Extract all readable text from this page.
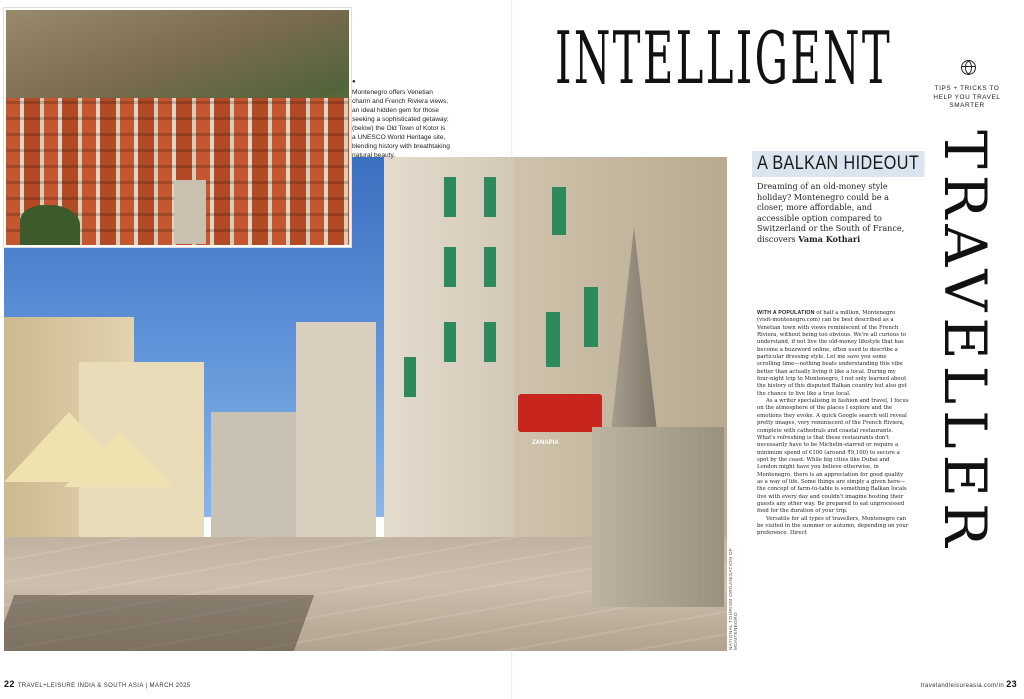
ZANAPIA
●
Montenegro offers Venetian charm and French Riviera views, an ideal hidden gem for those seeking a sophisticated getaway; (below) the Old Town of Kotor is a UNESCO World Heritage site, blending history with breathtaking natural beauty.
NATIONAL TOURISM ORGANISATION OF MONTENEGRO
INTELLIGENT	TIPS + TRICKS TO HELP YOU TRAVEL SMARTER
TRAVELLER
A BALKAN HIDEOUT
Dreaming of an old-money style holiday? Montenegro could be a closer, more affordable, and accessible option compared to Switzerland or the South of France, discovers Vama Kothari

WITH A POPULATION of half a million, Montenegro (visit-montenegro.com) can be best described as a Venetian town with views reminiscent of the French Riviera, without being too obvious. We're all curious to understand, if not live the old-money lifestyle that has become a buzzword online, often used to describe a particular dressing style. Let me save you some scrolling time—nothing beats understanding this vibe better than actually living it like a local. During my four-night trip to Montenegro, I not only learned about the history of this disputed Balkan country but also got the chance to live like a true local.

As a writer specialising in fashion and travel, I focus on the atmosphere of the places I explore and the emotions they evoke. A quick Google search will reveal pretty images, very reminiscent of the French Riviera, complete with cathedrals and coastal restaurants. What's refreshing is that these restaurants don't necessarily have to be Michelin-starred or require a minimum spend of €100 (around ₹9,100) to secure a spot by the coast. While big cities like Dubai and London might have you believe otherwise, in Montenegro, there is an appreciation for good quality as a way of life. Some things are simply a given here—the concept of farm-to-table is something Balkan locals live with every day and couldn't imagine hosting their guests any other way. Be prepared to eat unprocessed food for the duration of your trip.

Versatile for all types of travellers, Montenegro can be visited in the summer or autumn, depending on your preference. Direct

22 TRAVEL+LEISURE INDIA & SOUTH ASIA | MARCH 2025	travelandleisureasia.com/in 23
